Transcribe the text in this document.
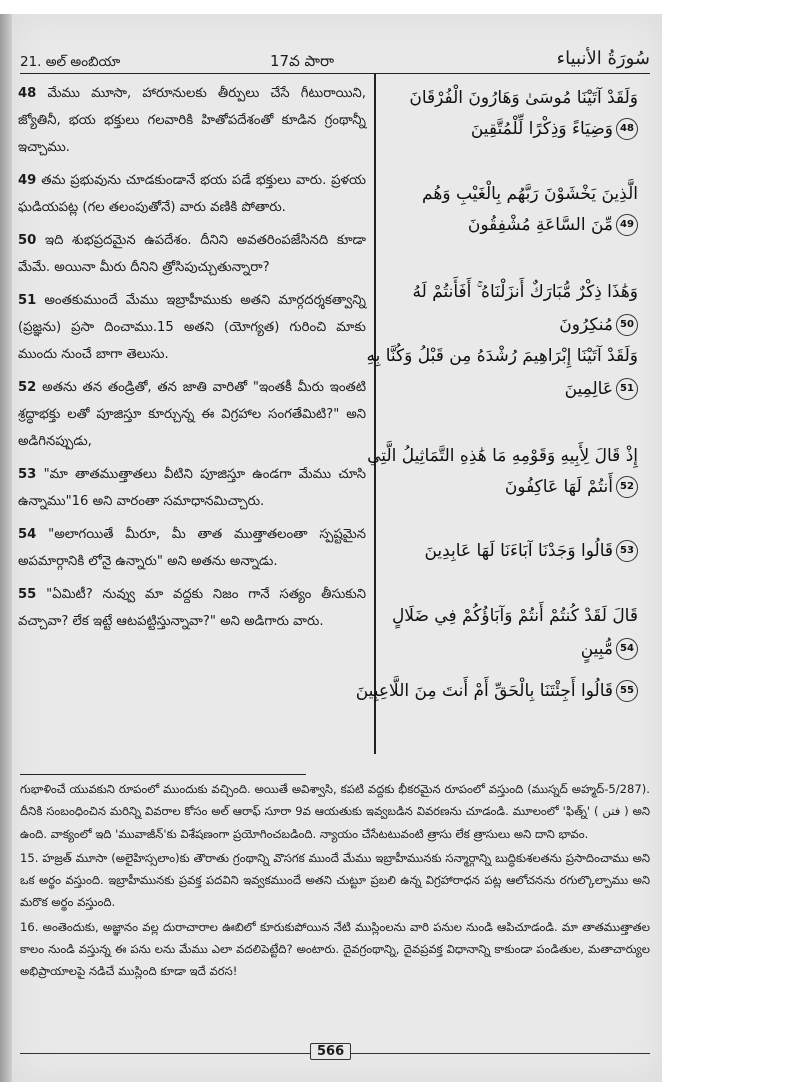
21. అల్ అంబియా	17వ పారా	سُورَةُ الأنبياء

48 మేము మూసా, హారూనులకు తీర్పులు చేసే గీటురాయిని, జ్యోతినీ, భయ భక్తులు గలవారికి హితోపదేశంతో కూడిన గ్రంథాన్నీ ఇచ్చాము.

49 తమ ప్రభువును చూడకుండానే భయ పడే భక్తులు వారు. ప్రళయ ఘడియపట్ల (గల తలంపుతోనే) వారు వణికి పోతారు.

50 ఇది శుభప్రదమైన ఉపదేశం. దీనిని అవతరింపజేసినది కూడా మేమే. అయినా మీరు దీనిని త్రోసిపుచ్చుతున్నారా?

51 అంతకుముందే మేము ఇబ్రాహీముకు అతని మార్గదర్శకత్వాన్ని (ప్రజ్ఞను) ప్రసా దించాము.15 అతని (యోగ్యత) గురించి మాకు ముందు నుంచే బాగా తెలుసు.

52 అతను తన తండ్రితో, తన జాతి వారితో "ఇంతకీ మీరు ఇంతటి శ్రద్ధాభక్తు లతో పూజిస్తూ కూర్చున్న ఈ విగ్రహాల సంగతేమిటి?" అని అడిగినప్పుడు,

53 "మా తాతముత్తాతలు వీటిని పూజిస్తూ ఉండగా మేము చూసి ఉన్నాము"16 అని వారంతా సమాధానమిచ్చారు.

54 "అలాగయితే మీరూ, మీ తాత ముత్తాతలంతా స్పష్టమైన అపమార్గానికి లోనై ఉన్నారు" అని అతను అన్నాడు.

55 "ఏమిటీ? నువ్వు మా వద్దకు నిజం గానే సత్యం తీసుకుని వచ్చావా? లేక ఇట్టే ఆటపట్టిస్తున్నావా?" అని అడిగారు వారు.

وَلَقَدْ آتَيْنَا مُوسَىٰ وَهَارُونَ الْفُرْقَانَ
48وَضِيَاءً وَذِكْرًا لِّلْمُتَّقِينَ
الَّذِينَ يَخْشَوْنَ رَبَّهُم بِالْغَيْبِ وَهُم
49مِّنَ السَّاعَةِ مُشْفِقُونَ
وَهَٰذَا ذِكْرٌ مُّبَارَكٌ أَنزَلْنَاهُ ۚ أَفَأَنتُمْ لَهُ
50مُنكِرُونَ
وَلَقَدْ آتَيْنَا إِبْرَاهِيمَ رُشْدَهُ مِن قَبْلُ وَكُنَّا بِهِ
51عَالِمِينَ
إِذْ قَالَ لِأَبِيهِ وَقَوْمِهِ مَا هَٰذِهِ التَّمَاثِيلُ الَّتِي
52أَنتُمْ لَهَا عَاكِفُونَ
53قَالُوا وَجَدْنَا آبَاءَنَا لَهَا عَابِدِينَ
قَالَ لَقَدْ كُنتُمْ أَنتُمْ وَآبَاؤُكُمْ فِي ضَلَالٍ
54مُّبِينٍ
55قَالُوا أَجِئْتَنَا بِالْحَقِّ أَمْ أَنتَ مِنَ اللَّاعِبِينَ

గుభాళించే యువకుని రూపంలో ముందుకు వచ్చింది. అయితే అవిశ్వాసి, కపటి వద్దకు భీకరమైన రూపంలో వస్తుంది (ముస్నద్ అహ్మద్-5/287). దీనికి సంబంధించిన మరిన్ని వివరాల కోసం అల్ ఆరాఫ్ సూరా 9వ ఆయతుకు ఇవ్వబడిన వివరణను చూడండి. మూలంలో 'ఫిత్న్' ( فتن ) అని ఉంది. వాక్యంలో ఇది 'మువాజీన్'కు విశేషణంగా ప్రయోగించబడింది. న్యాయం చేసేటటువంటి త్రాసు లేక త్రాసులు అని దాని భావం.

15. హజ్రత్ మూసా (అలైహిస్సలాం)కు తౌరాతు గ్రంథాన్ని వొసగక ముందే మేము ఇబ్రాహీమునకు సన్మార్గాన్ని బుద్ధికుశలతను ప్రసాదించాము అని ఒక అర్థం వస్తుంది. ఇబ్రాహీమునకు ప్రవక్త పదవిని ఇవ్వకముందే అతని చుట్టూ ప్రబలి ఉన్న విగ్రహారాధన పట్ల ఆలోచనను రగుల్కొల్పాము అని మరొక అర్థం వస్తుంది.

16. అంతెందుకు, అజ్ఞానం వల్ల దురాచారాల ఊబిలో కూరుకుపోయిన నేటి ముస్లింలను వారి పనుల నుండి ఆపిచూడండి. మా తాతముత్తాతల కాలం నుండి వస్తున్న ఈ పను లను మేము ఎలా వదలిపెట్టేది? అంటారు. దైవగ్రంథాన్ని, దైవప్రవక్త విధానాన్ని కాకుండా పండితుల, మతాచార్యుల అభిప్రాయాలపై నడిచే ముస్లింది కూడా ఇదే వరస!

566
